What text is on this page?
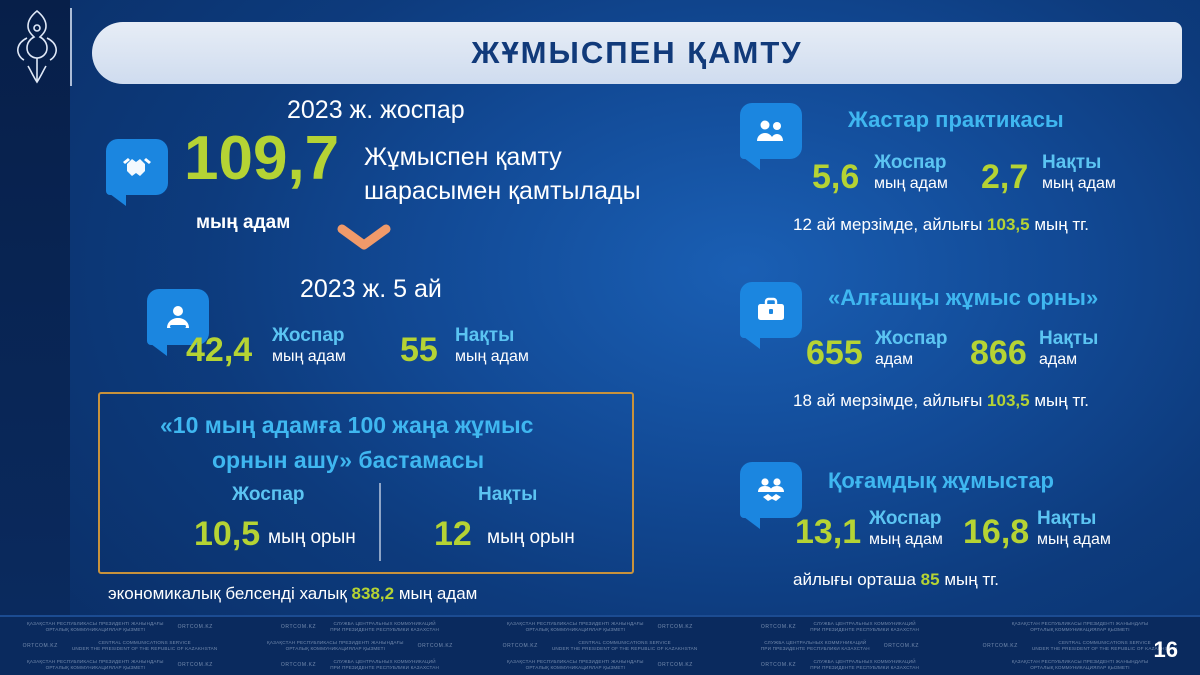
ЖҰМЫСПЕН ҚАМТУ
2023 ж. жоспар
109,7
мың адам
Жұмыспен қамту
шарасымен қамтылады
2023 ж. 5 ай
42,4 Жоспар
мың адам 55 Нақты
мың адам
«10 мың адамға 100 жаңа жұмыс
орнын ашу» бастамасы
Жоспар
10,5 мың орын
Нақты
12 мың орын
экономикалық белсенді халық 838,2 мың адам
Жастар практикасы
5,6 Жоспар
мың адам 2,7 Нақты
мың адам
12 ай мерзімде, айлығы 103,5 мың тг.
«Алғашқы жұмыс орны»
655 Жоспар
адам 866 Нақты
адам
18 ай мерзімде, айлығы 103,5 мың тг.
Қоғамдық жұмыстар
13,1 Жоспар
мың адам 16,8 Нақты
мың адам
айлығы орташа 85 мың тг.
ҚАЗАҚСТАН РЕСПУБЛИКАСЫ ПРЕЗИДЕНТІ ЖАНЫНДАҒЫ
ОРТАЛЫҚ КОММУНИКАЦИЯЛАР ҚЫЗМЕТІ	ORTCOM.KZ	ORTCOM.KZ
СЛУЖБА ЦЕНТРАЛЬНЫХ КОММУНИКАЦИЙ
ПРИ ПРЕЗИДЕНТЕ РЕСПУБЛИКИ КАЗАХСТАН
ҚАЗАҚСТАН РЕСПУБЛИКАСЫ ПРЕЗИДЕНТІ ЖАНЫНДАҒЫ
ОРТАЛЫҚ КОММУНИКАЦИЯЛАР ҚЫЗМЕТІ	ORTCOM.KZ	ORTCOM.KZ
СЛУЖБА ЦЕНТРАЛЬНЫХ КОММУНИКАЦИЙ
ПРИ ПРЕЗИДЕНТЕ РЕСПУБЛИКИ КАЗАХСТАН
ҚАЗАҚСТАН РЕСПУБЛИКАСЫ ПРЕЗИДЕНТІ ЖАНЫНДАҒЫ
ОРТАЛЫҚ КОММУНИКАЦИЯЛАР ҚЫЗМЕТІ
ORTCOM.KZ
CENTRAL COMMUNICATIONS SERVICE
UNDER THE PRESIDENT OF THE REPUBLIC OF KAZAKHSTAN
ҚАЗАҚСТАН РЕСПУБЛИКАСЫ ПРЕЗИДЕНТІ ЖАНЫНДАҒЫ
ОРТАЛЫҚ КОММУНИКАЦИЯЛАР ҚЫЗМЕТІ	ORTCOM.KZ	ORTCOM.KZ
CENTRAL COMMUNICATIONS SERVICE
UNDER THE PRESIDENT OF THE REPUBLIC OF KAZAKHSTAN
СЛУЖБА ЦЕНТРАЛЬНЫХ КОММУНИКАЦИЙ
ПРИ ПРЕЗИДЕНТЕ РЕСПУБЛИКИ КАЗАХСТАН	ORTCOM.KZ	ORTCOM.KZ
CENTRAL COMMUNICATIONS SERVICE
UNDER THE PRESIDENT OF THE REPUBLIC OF KAZAKHSTAN
ҚАЗАҚСТАН РЕСПУБЛИКАСЫ ПРЕЗИДЕНТІ ЖАНЫНДАҒЫ
ОРТАЛЫҚ КОММУНИКАЦИЯЛАР ҚЫЗМЕТІ	ORTCOM.KZ	ORTCOM.KZ
СЛУЖБА ЦЕНТРАЛЬНЫХ КОММУНИКАЦИЙ
ПРИ ПРЕЗИДЕНТЕ РЕСПУБЛИКИ КАЗАХСТАН
ҚАЗАҚСТАН РЕСПУБЛИКАСЫ ПРЕЗИДЕНТІ ЖАНЫНДАҒЫ
ОРТАЛЫҚ КОММУНИКАЦИЯЛАР ҚЫЗМЕТІ	ORTCOM.KZ	ORTCOM.KZ
СЛУЖБА ЦЕНТРАЛЬНЫХ КОММУНИКАЦИЙ
ПРИ ПРЕЗИДЕНТЕ РЕСПУБЛИКИ КАЗАХСТАН
ҚАЗАҚСТАН РЕСПУБЛИКАСЫ ПРЕЗИДЕНТІ ЖАНЫНДАҒЫ
ОРТАЛЫҚ КОММУНИКАЦИЯЛАР ҚЫЗМЕТІ
16
